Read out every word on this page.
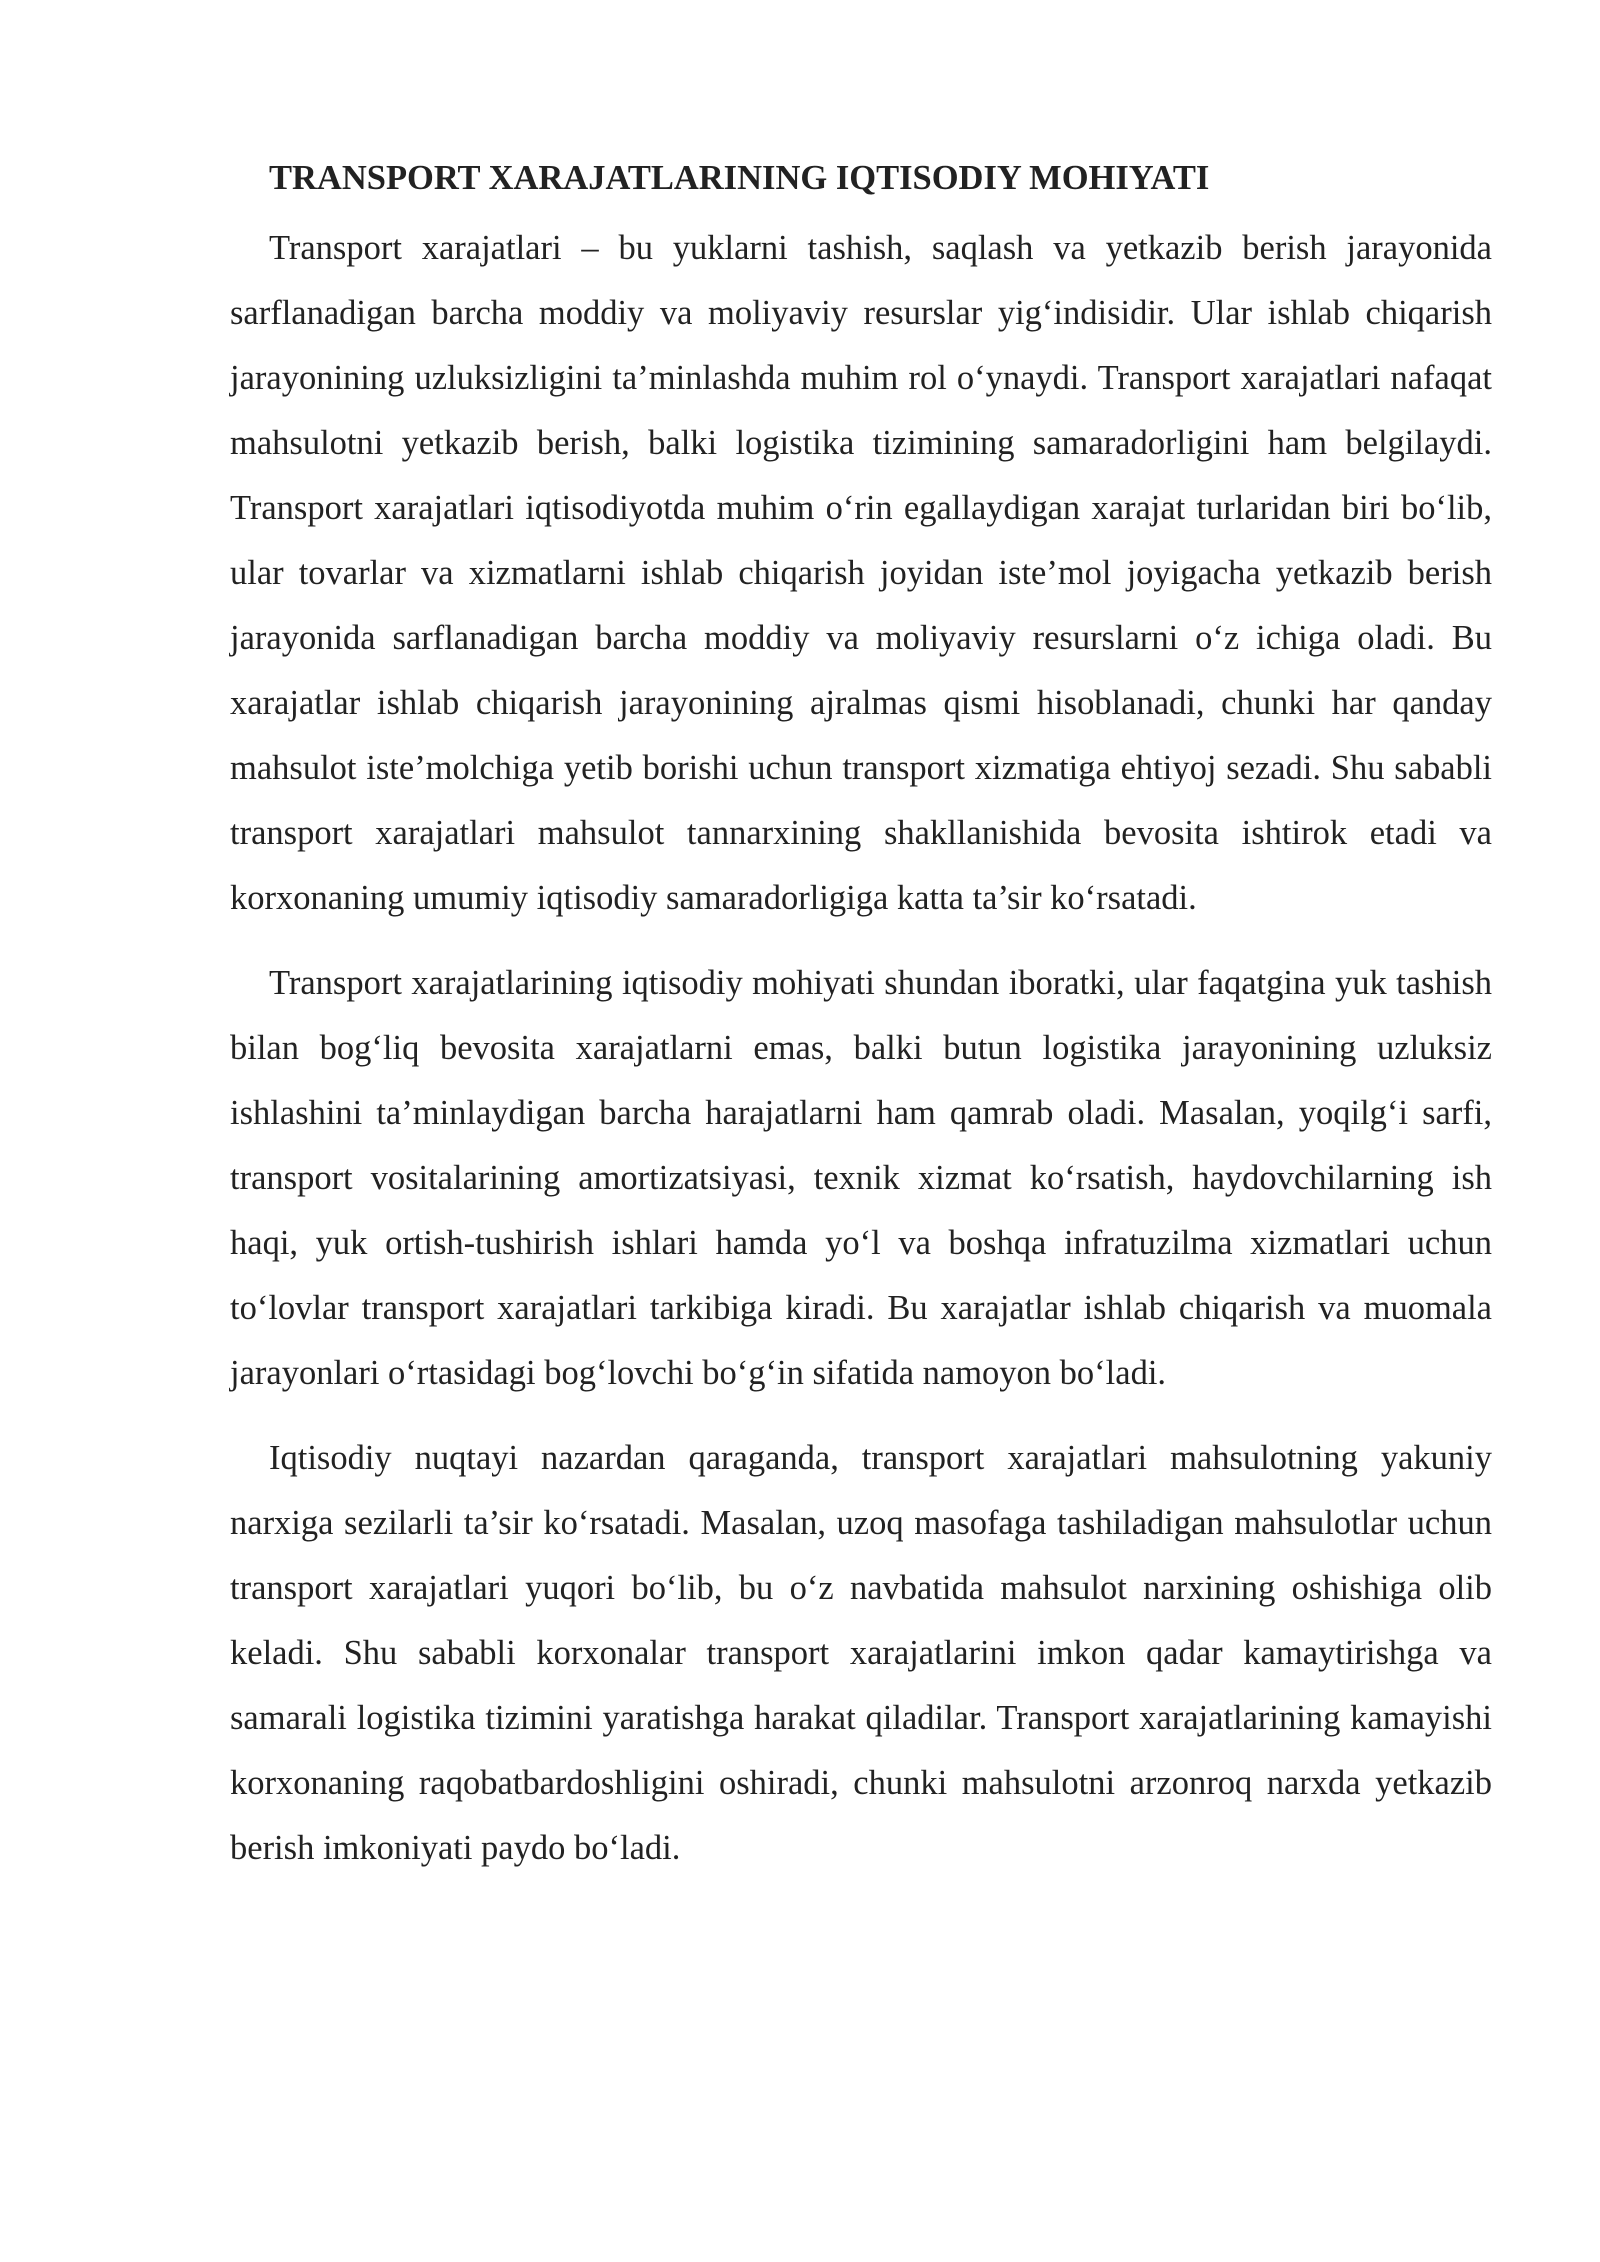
TRANSPORT XARAJATLARINING IQTISODIY MOHIYATI

Transport xarajatlari – bu yuklarni tashish, saqlash va yetkazib berish jarayonida sarflanadigan barcha moddiy va moliyaviy resurslar yig‘indisidir. Ular ishlab chiqarish jarayonining uzluksizligini ta’minlashda muhim rol o‘ynaydi. Transport xarajatlari nafaqat mahsulotni yetkazib berish, balki logistika tizimining samaradorligini ham belgilaydi. Transport xarajatlari iqtisodiyotda muhim o‘rin egallaydigan xarajat turlaridan biri bo‘lib, ular tovarlar va xizmatlarni ishlab chiqarish joyidan iste’mol joyigacha yetkazib berish jarayonida sarflanadigan barcha moddiy va moliyaviy resurslarni o‘z ichiga oladi. Bu xarajatlar ishlab chiqarish jarayonining ajralmas qismi hisoblanadi, chunki har qanday mahsulot iste’molchiga yetib borishi uchun transport xizmatiga ehtiyoj sezadi. Shu sababli transport xarajatlari mahsulot tannarxining shakllanishida bevosita ishtirok etadi va korxonaning umumiy iqtisodiy samaradorligiga katta ta’sir ko‘rsatadi.

Transport xarajatlarining iqtisodiy mohiyati shundan iboratki, ular faqatgina yuk tashish bilan bog‘liq bevosita xarajatlarni emas, balki butun logistika jarayonining uzluksiz ishlashini ta’minlaydigan barcha harajatlarni ham qamrab oladi. Masalan, yoqilg‘i sarfi, transport vositalarining amortizatsiyasi, texnik xizmat ko‘rsatish, haydovchilarning ish haqi, yuk ortish-tushirish ishlari hamda yo‘l va boshqa infratuzilma xizmatlari uchun to‘lovlar transport xarajatlari tarkibiga kiradi. Bu xarajatlar ishlab chiqarish va muomala jarayonlari o‘rtasidagi bog‘lovchi bo‘g‘in sifatida namoyon bo‘ladi.

Iqtisodiy nuqtayi nazardan qaraganda, transport xarajatlari mahsulotning yakuniy narxiga sezilarli ta’sir ko‘rsatadi. Masalan, uzoq masofaga tashiladigan mahsulotlar uchun transport xarajatlari yuqori bo‘lib, bu o‘z navbatida mahsulot narxining oshishiga olib keladi. Shu sababli korxonalar transport xarajatlarini imkon qadar kamaytirishga va samarali logistika tizimini yaratishga harakat qiladilar. Transport xarajatlarining kamayishi korxonaning raqobatbardoshligini oshiradi, chunki mahsulotni arzonroq narxda yetkazib berish imkoniyati paydo bo‘ladi.
